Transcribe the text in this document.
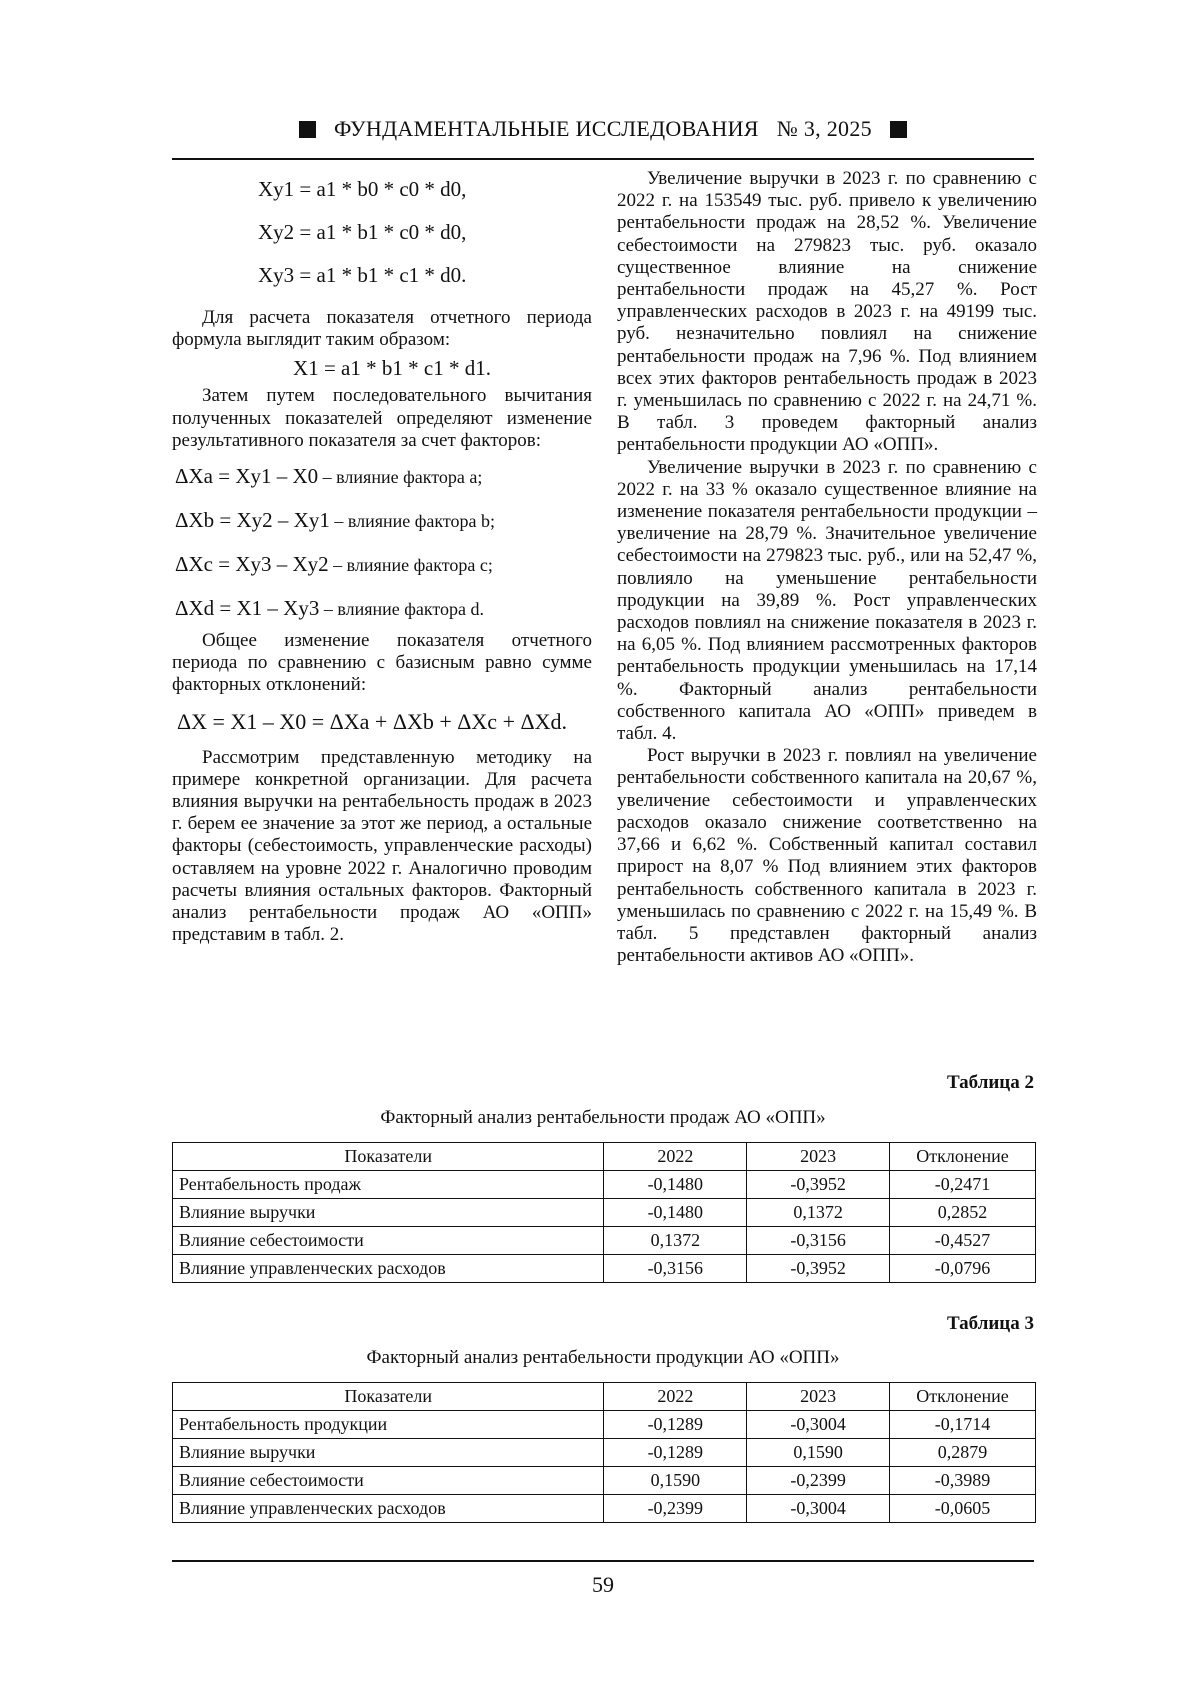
ФУНДАМЕНТАЛЬНЫЕ ИССЛЕДОВАНИЯ № 3, 2025
Xy1 = a1 * b0 * c0 * d0,
Xy2 = a1 * b1 * c0 * d0,
Xy3 = a1 * b1 * c1 * d0.

Для расчета показателя отчетного периода формула выглядит таким образом:

X1 = a1 * b1 * c1 * d1.

Затем путем последовательного вычитания полученных показателей определяют изменение результативного показателя за счет факторов:

ΔXa = Xy1 – X0 – влияние фактора a;
ΔXb = Xy2 – Xy1 – влияние фактора b;
ΔXc = Xy3 – Xy2 – влияние фактора c;
ΔXd = X1 – Xy3 – влияние фактора d.

Общее изменение показателя отчетного периода по сравнению с базисным равно сумме факторных отклонений:

ΔX = X1 – X0 = ΔXa + ΔXb + ΔXc + ΔXd.

Рассмотрим представленную методику на примере конкретной организации. Для расчета влияния выручки на рентабельность продаж в 2023 г. берем ее значение за этот же период, а остальные факторы (себестоимость, управленческие расходы) оставляем на уровне 2022 г. Аналогично проводим расчеты влияния остальных факторов. Факторный анализ рентабельности продаж АО «ОПП» представим в табл. 2.

Увеличение выручки в 2023 г. по сравнению с 2022 г. на 153549 тыс. руб. привело к увеличению рентабельности продаж на 28,52 %. Увеличение себестоимости на 279823 тыс. руб. оказало существенное влияние на снижение рентабельности продаж на 45,27 %. Рост управленческих расходов в 2023 г. на 49199 тыс. руб. незначительно повлиял на снижение рентабельности продаж на 7,96 %. Под влиянием всех этих факторов рентабельность продаж в 2023 г. уменьшилась по сравнению с 2022 г. на 24,71 %. В табл. 3 проведем факторный анализ рентабельности продукции АО «ОПП».

Увеличение выручки в 2023 г. по сравнению с 2022 г. на 33 % оказало существенное влияние на изменение показателя рентабельности продукции – увеличение на 28,79 %. Значительное увеличение себестоимости на 279823 тыс. руб., или на 52,47 %, повлияло на уменьшение рентабельности продукции на 39,89 %. Рост управленческих расходов повлиял на снижение показателя в 2023 г. на 6,05 %. Под влиянием рассмотренных факторов рентабельность продукции уменьшилась на 17,14 %. Факторный анализ рентабельности собственного капитала АО «ОПП» приведем в табл. 4.

Рост выручки в 2023 г. повлиял на увеличение рентабельности собственного капитала на 20,67 %, увеличение себестоимости и управленческих расходов оказало снижение соответственно на 37,66 и 6,62 %. Собственный капитал составил прирост на 8,07 % Под влиянием этих факторов рентабельность собственного капитала в 2023 г. уменьшилась по сравнению с 2022 г. на 15,49 %. В табл. 5 представлен факторный анализ рентабельности активов АО «ОПП».

Таблица 2
Факторный анализ рентабельности продаж АО «ОПП»
Показатели	2022	2023	Отклонение
Рентабельность продаж	-0,1480	-0,3952	-0,2471
Влияние выручки	-0,1480	0,1372	0,2852
Влияние себестоимости	0,1372	-0,3156	-0,4527
Влияние управленческих расходов	-0,3156	-0,3952	-0,0796
Таблица 3
Факторный анализ рентабельности продукции АО «ОПП»
Показатели	2022	2023	Отклонение
Рентабельность продукции	-0,1289	-0,3004	-0,1714
Влияние выручки	-0,1289	0,1590	0,2879
Влияние себестоимости	0,1590	-0,2399	-0,3989
Влияние управленческих расходов	-0,2399	-0,3004	-0,0605
59
